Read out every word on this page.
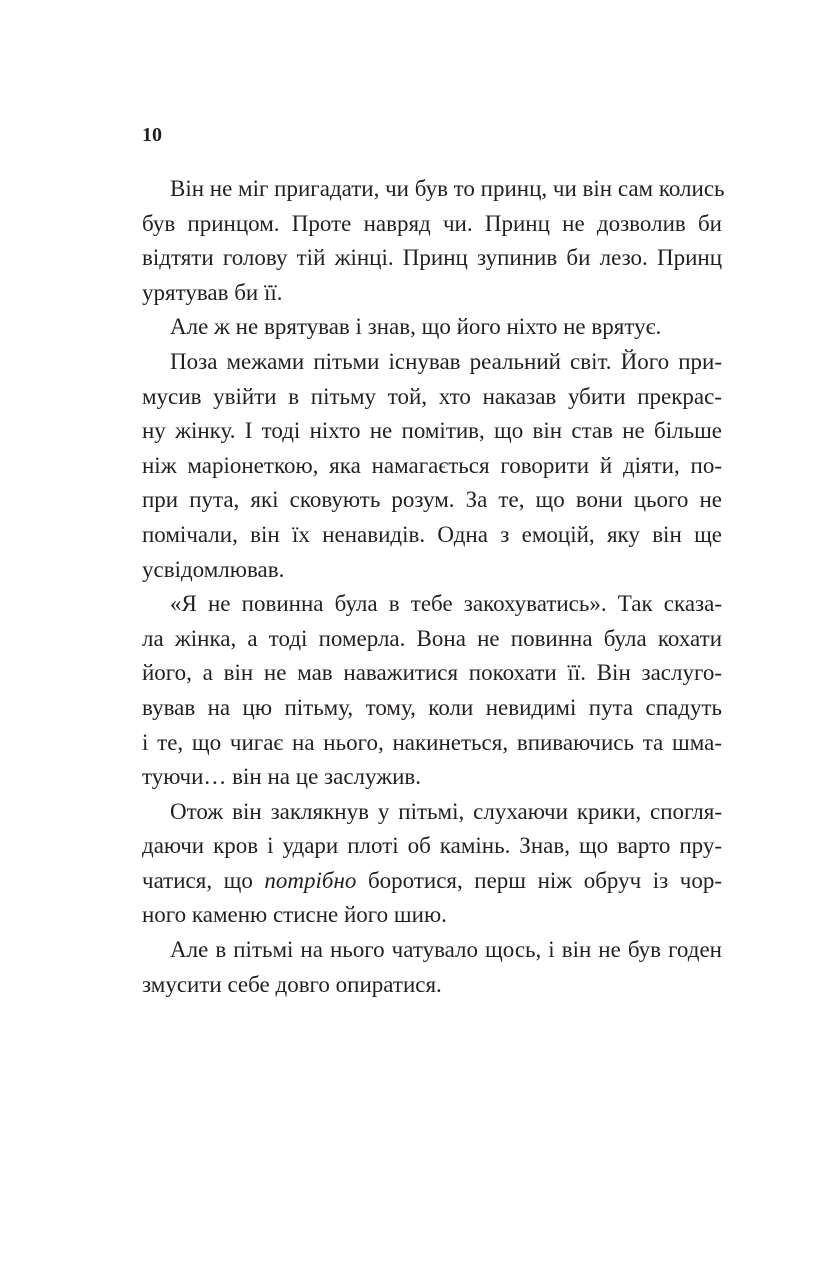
10
Він не міг пригадати, чи був то принц, чи він сам колись
був принцом. Проте навряд чи. Принц не дозволив би
відтяти голову тій жінці. Принц зупинив би лезо. Принц
урятував би її.
Але ж не врятував і знав, що його ніхто не врятує.
Поза межами пітьми існував реальний світ. Його при-
мусив увійти в пітьму той, хто наказав убити прекрас-
ну жінку. І тоді ніхто не помітив, що він став не більше
ніж маріонеткою, яка намагається говорити й діяти, по-
при пута, які сковують розум. За те, що вони цього не
помічали, він їх ненавидів. Одна з емоцій, яку він ще
усвідомлював.
«Я не повинна була в тебе закохуватись». Так сказа-
ла жінка, а тоді померла. Вона не повинна була кохати
його, а він не мав наважитися покохати її. Він заслуго-
вував на цю пітьму, тому, коли невидимі пута спадуть
і те, що чигає на нього, накинеться, впиваючись та шма-
туючи… він на це заслужив.
Отож він заклякнув у пітьмі, слухаючи крики, спогля-
даючи кров і удари плоті об камінь. Знав, що варто пру-
чатися, що потрібно боротися, перш ніж обруч із чор-
ного каменю стисне його шию.
Але в пітьмі на нього чатувало щось, і він не був годен
змусити себе довго опиратися.
